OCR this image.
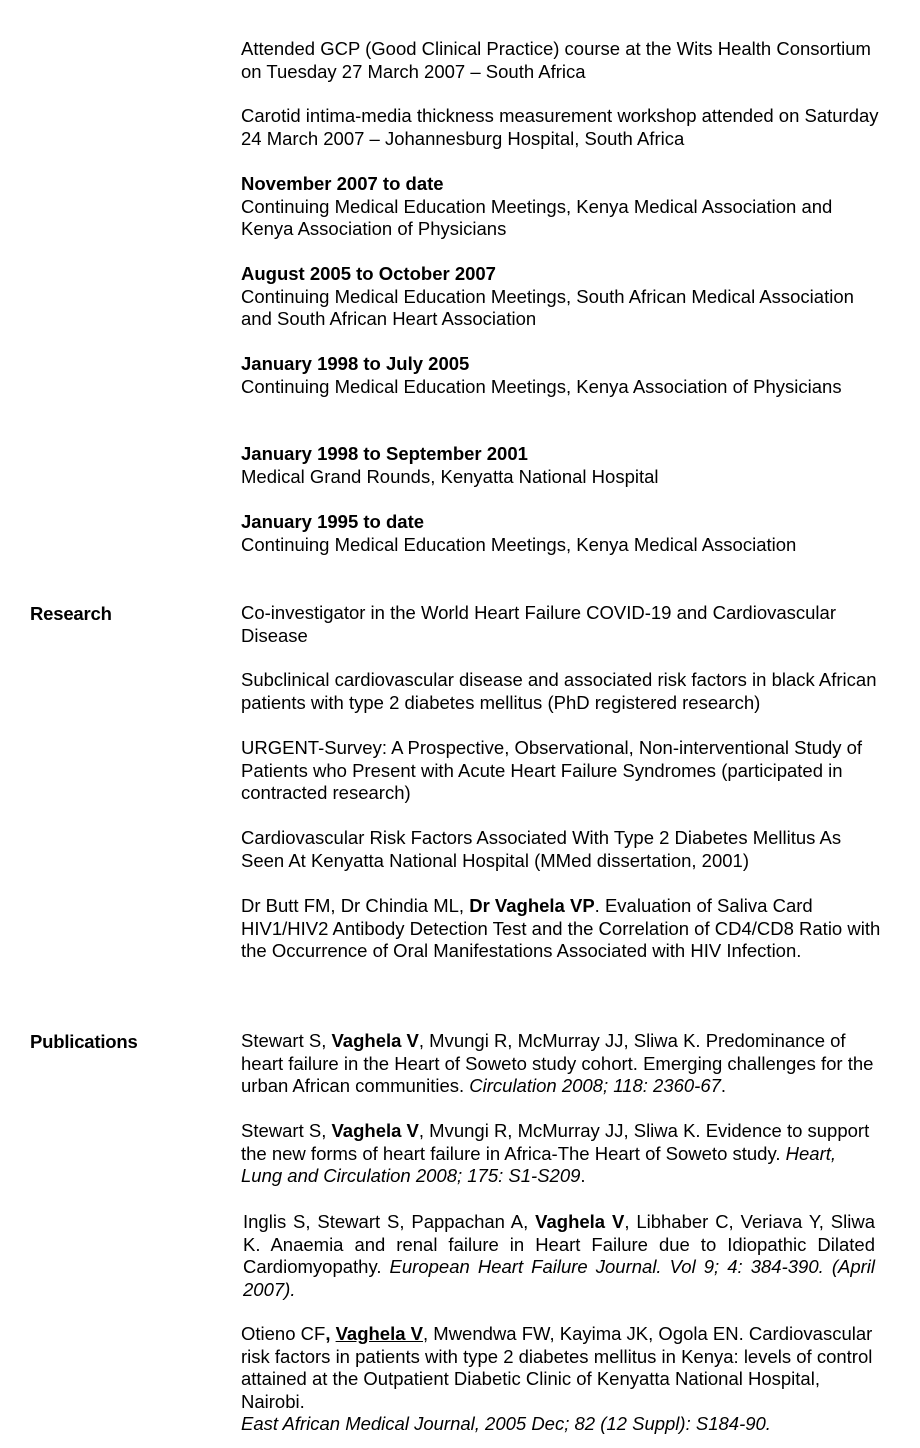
Attended GCP (Good Clinical Practice) course at the Wits Health Consortium on Tuesday 27 March 2007 – South Africa
Carotid intima-media thickness measurement workshop attended on Saturday 24 March 2007 – Johannesburg Hospital, South Africa
November 2007 to date
Continuing Medical Education Meetings, Kenya Medical Association and Kenya Association of Physicians
August 2005 to October 2007
Continuing Medical Education Meetings, South African Medical Association and South African Heart Association
January 1998 to July 2005
Continuing Medical Education Meetings, Kenya Association of Physicians
January 1998 to September 2001
Medical Grand Rounds, Kenyatta National Hospital
January 1995 to date
Continuing Medical Education Meetings, Kenya Medical Association
Research	Co-investigator in the World Heart Failure COVID-19 and Cardiovascular Disease
Subclinical cardiovascular disease and associated risk factors in black African patients with type 2 diabetes mellitus (PhD registered research)
URGENT-Survey: A Prospective, Observational, Non-interventional Study of Patients who Present with Acute Heart Failure Syndromes (participated in contracted research)
Cardiovascular Risk Factors Associated With Type 2 Diabetes Mellitus As Seen At Kenyatta National Hospital (MMed dissertation, 2001)
Dr Butt FM, Dr Chindia ML, Dr Vaghela VP. Evaluation of Saliva Card HIV1/HIV2 Antibody Detection Test and the Correlation of CD4/CD8 Ratio with the Occurrence of Oral Manifestations Associated with HIV Infection.
Publications	Stewart S, Vaghela V, Mvungi R, McMurray JJ, Sliwa K. Predominance of heart failure in the Heart of Soweto study cohort. Emerging challenges for the urban African communities. Circulation 2008; 118: 2360-67.
Stewart S, Vaghela V, Mvungi R, McMurray JJ, Sliwa K. Evidence to support the new forms of heart failure in Africa-The Heart of Soweto study. Heart, Lung and Circulation 2008; 175: S1-S209.
Inglis S, Stewart S, Pappachan A, Vaghela V, Libhaber C, Veriava Y, Sliwa K. Anaemia and renal failure in Heart Failure due to Idiopathic Dilated Cardiomyopathy. European Heart Failure Journal. Vol 9; 4: 384-390. (April 2007).
Otieno CF, Vaghela V, Mwendwa FW, Kayima JK, Ogola EN. Cardiovascular risk factors in patients with type 2 diabetes mellitus in Kenya: levels of control attained at the Outpatient Diabetic Clinic of Kenyatta National Hospital, Nairobi.
East African Medical Journal, 2005 Dec; 82 (12 Suppl): S184-90.
